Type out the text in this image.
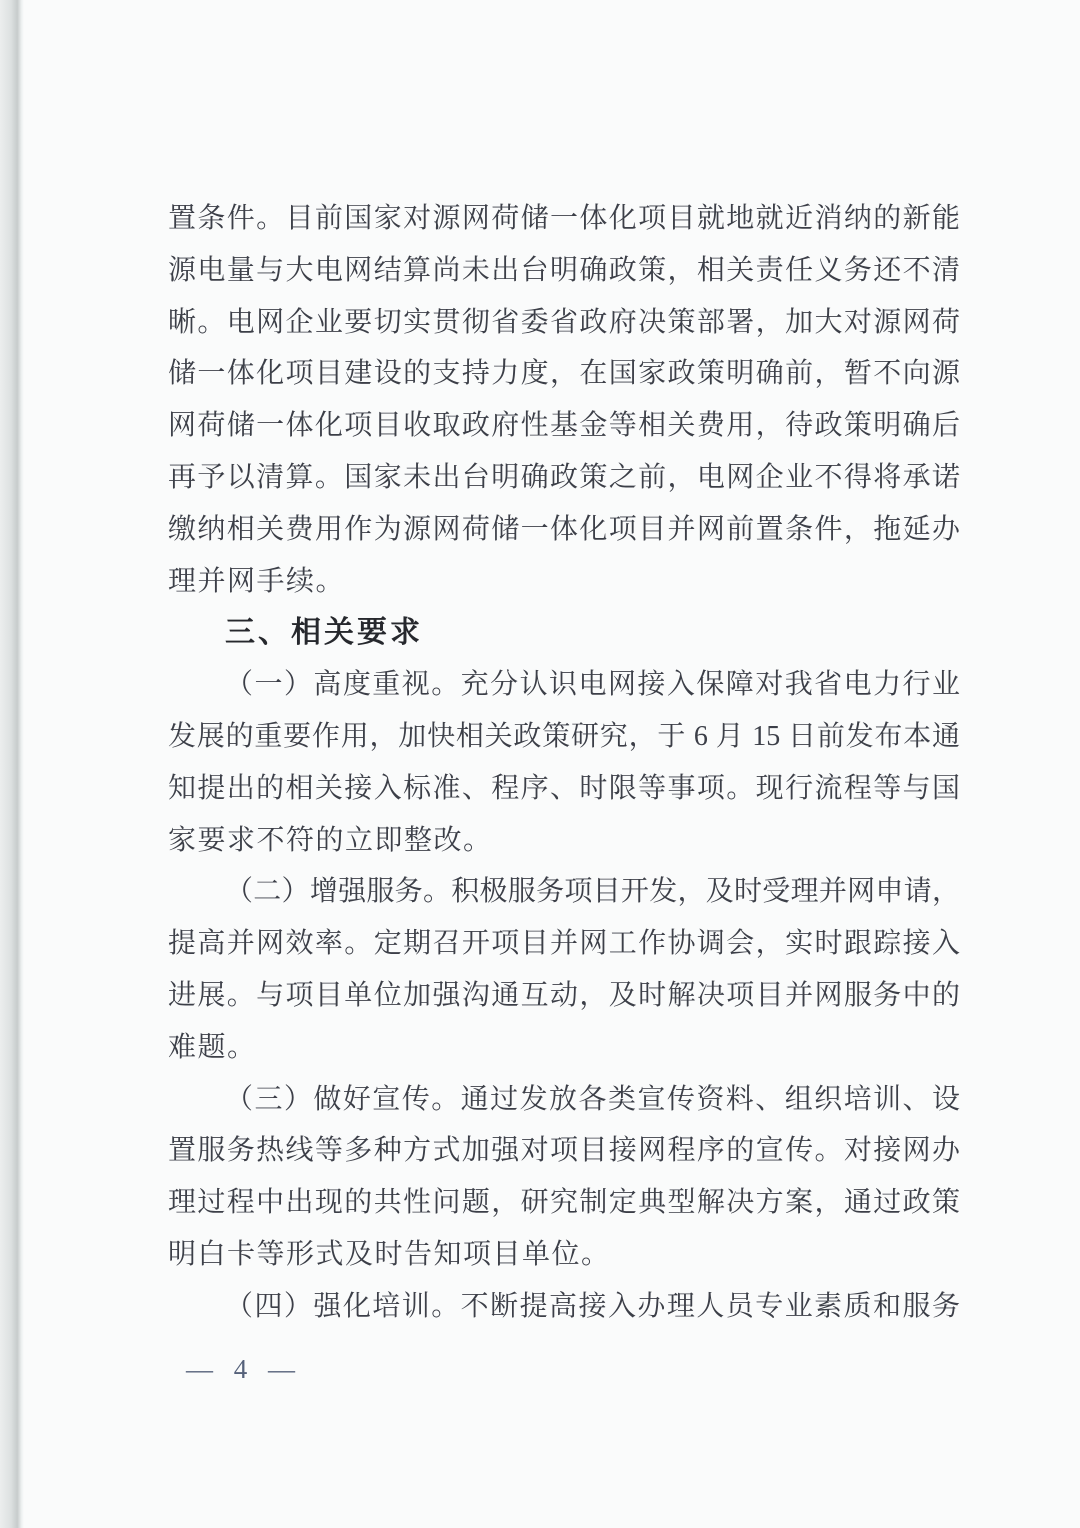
置条件。目前国家对源网荷储一体化项目就地就近消纳的新能
源电量与大电网结算尚未出台明确政策，相关责任义务还不清
晰。电网企业要切实贯彻省委省政府决策部署，加大对源网荷
储一体化项目建设的支持力度，在国家政策明确前，暂不向源
网荷储一体化项目收取政府性基金等相关费用，待政策明确后
再予以清算。国家未出台明确政策之前，电网企业不得将承诺
缴纳相关费用作为源网荷储一体化项目并网前置条件，拖延办
理并网手续。
三、相关要求
（一）高度重视。充分认识电网接入保障对我省电力行业
发展的重要作用，加快相关政策研究，于 6 月 15 日前发布本通
知提出的相关接入标准、程序、时限等事项。现行流程等与国
家要求不符的立即整改。
（二）增强服务。积极服务项目开发，及时受理并网申请，
提高并网效率。定期召开项目并网工作协调会，实时跟踪接入
进展。与项目单位加强沟通互动，及时解决项目并网服务中的
难题。
（三）做好宣传。通过发放各类宣传资料、组织培训、设
置服务热线等多种方式加强对项目接网程序的宣传。对接网办
理过程中出现的共性问题，研究制定典型解决方案，通过政策
明白卡等形式及时告知项目单位。
（四）强化培训。不断提高接入办理人员专业素质和服务
— 4 —
